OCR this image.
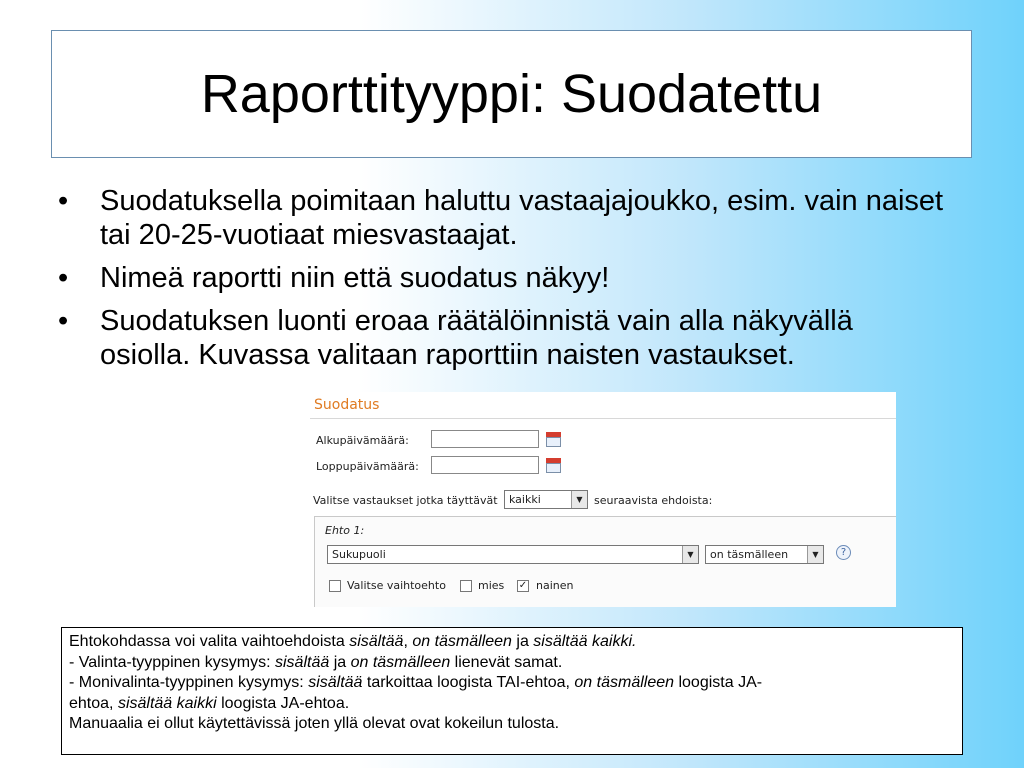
Raporttityyppi: Suodatettu
• Suodatuksella poimitaan haluttu vastaajajoukko, esim. vain naiset tai 20-25-vuotiaat miesvastaajat.
• Nimeä raportti niin että suodatus näkyy!
• Suodatuksen luonti eroaa räätälöinnistä vain alla näkyvällä osiolla. Kuvassa valitaan raporttiin naisten vastaukset.
Suodatus
Alkupäivämäärä:
Loppupäivämäärä:
Valitse vastaukset jotka täyttävät	kaikki	▼	seuraavista ehdoista:
Ehto 1:
Sukupuoli	▼	on täsmälleen	▼	?
Valitse vaihtoehto	mies ✓ nainen
Ehtokohdassa voi valita vaihtoehdoista sisältää, on täsmälleen ja sisältää kaikki.
- Valinta-tyyppinen kysymys: sisältää ja on täsmälleen lienevät samat.
- Monivalinta-tyyppinen kysymys: sisältää tarkoittaa loogista TAI-ehtoa, on täsmälleen loogista JA-
ehtoa, sisältää kaikki loogista JA-ehtoa.
Manuaalia ei ollut käytettävissä joten yllä olevat ovat kokeilun tulosta.
